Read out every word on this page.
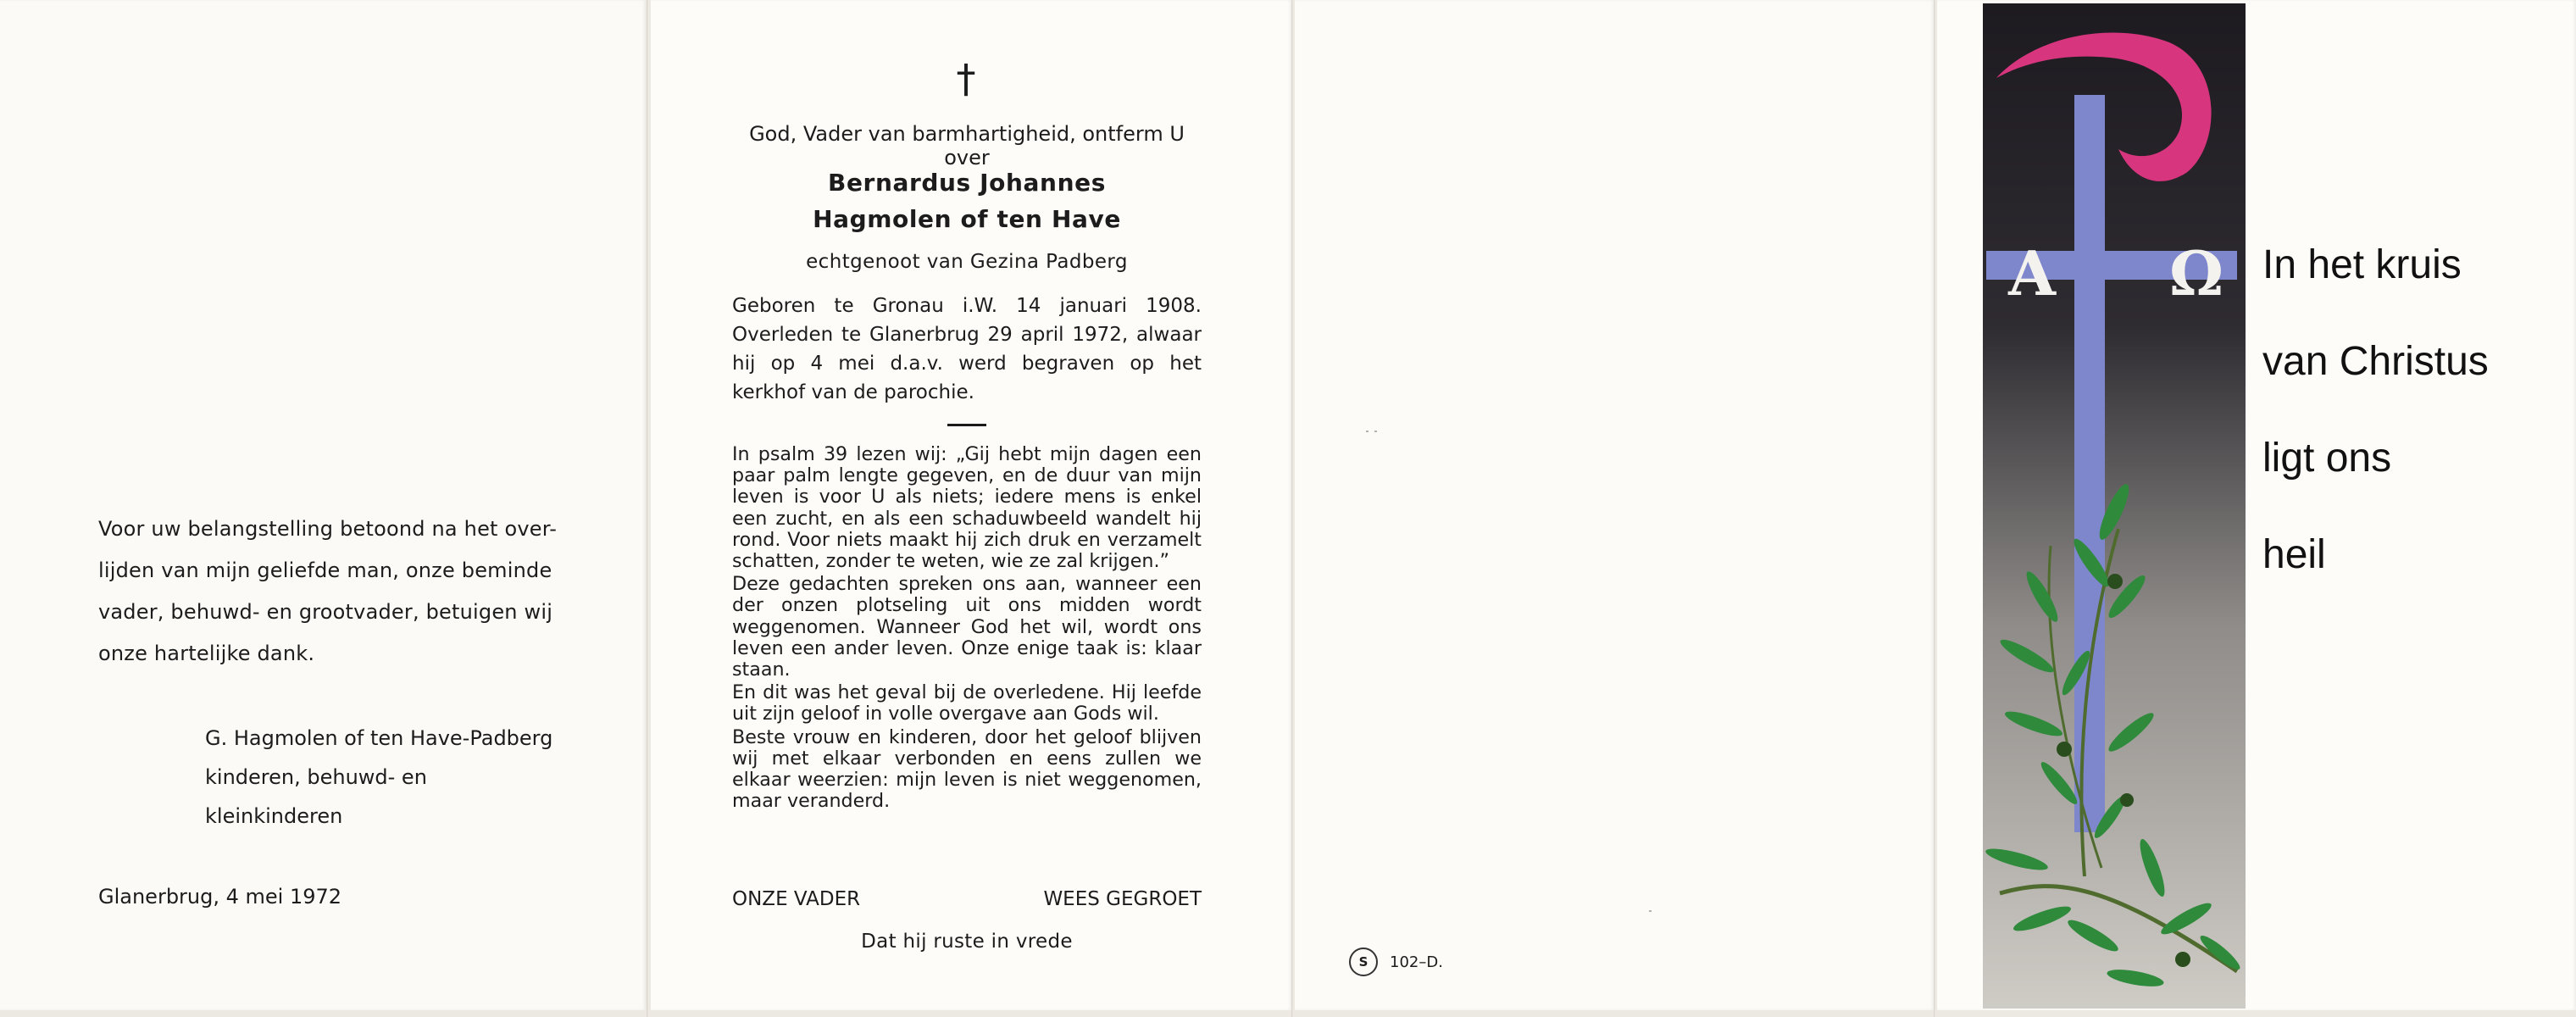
Voor uw belangstelling betoond na het over-

lijden van mijn geliefde man, onze beminde

vader, behuwd- en grootvader, betuigen wij

onze hartelijke dank.

G. Hagmolen of ten Have-Padberg

kinderen, behuwd- en

kleinkinderen

Glanerbrug, 4 mei 1972
†
God, Vader van barmhartigheid, ontferm U over

Bernardus Johannes

Hagmolen of ten Have

echtgenoot van Gezina Padberg
Geboren te Gronau i.W. 14 januari 1908. Overleden te Glanerbrug 29 april 1972, alwaar hij op 4 mei d.a.v. werd begraven op het kerkhof van de parochie.

In psalm 39 lezen wij: „Gij hebt mijn dagen een paar palm lengte gegeven, en de duur van mijn leven is voor U als niets; iedere mens is enkel een zucht, en als een schaduwbeeld wandelt hij rond. Voor niets maakt hij zich druk en verzamelt schatten, zonder te weten, wie ze zal krijgen.”

Deze gedachten spreken ons aan, wanneer een der onzen plotseling uit ons midden wordt weggenomen. Wanneer God het wil, wordt ons leven een ander leven. Onze enige taak is: klaar staan.

En dit was het geval bij de overledene. Hij leefde uit zijn geloof in volle overgave aan Gods wil.

Beste vrouw en kinderen, door het geloof blijven wij met elkaar verbonden en eens zullen we elkaar weerzien: mijn leven is niet weggenomen, maar veranderd.

ONZE VADER	WEES GEGROET
Dat hij ruste in vrede
S	102–D.
Α Ω In het kruis

van Christus

ligt ons

heil
